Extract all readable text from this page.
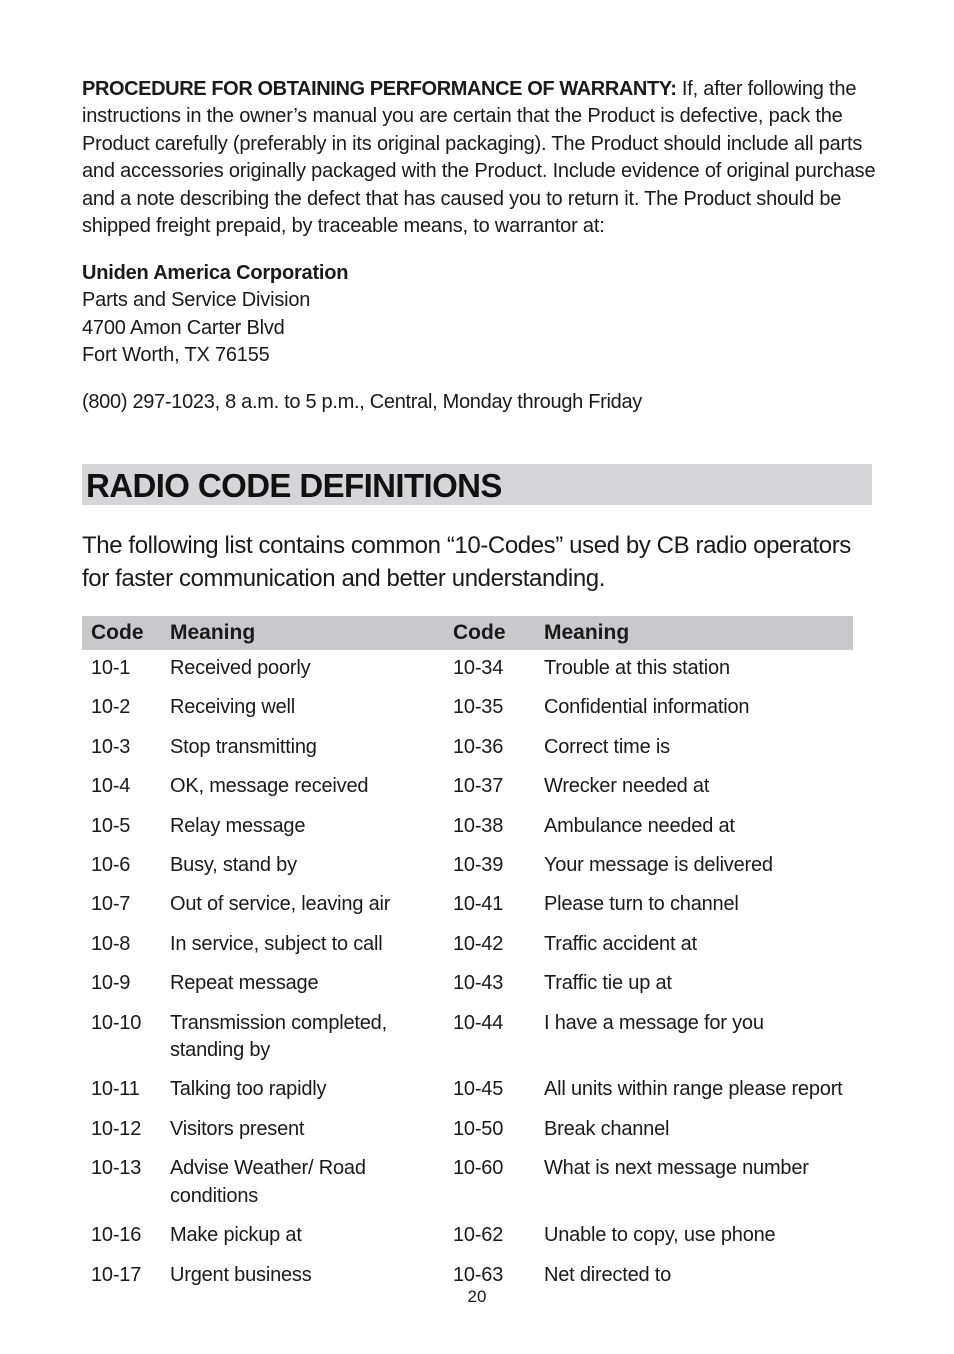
PROCEDURE FOR OBTAINING PERFORMANCE OF WARRANTY: If, after following the instructions in the owner’s manual you are certain that the Product is defective, pack the Product carefully (preferably in its original packaging). The Product should include all parts and accessories originally packaged with the Product. Include evidence of original purchase and a note describing the defect that has caused you to return it. The Product should be shipped freight prepaid, by traceable means, to warrantor at:

Uniden America Corporation
Parts and Service Division
4700 Amon Carter Blvd
Fort Worth, TX 76155
(800) 297-1023, 8 a.m. to 5 p.m., Central, Monday through Friday
RADIO CODE DEFINITIONS

The following list contains common “10-Codes” used by CB radio operators for faster communication and better understanding.

Code	Meaning	Code	Meaning
10-1	Received poorly	10-34	Trouble at this station
10-2	Receiving well	10-35	Confidential information
10-3	Stop transmitting	10-36	Correct time is
10-4	OK, message received	10-37	Wrecker needed at
10-5	Relay message	10-38	Ambulance needed at
10-6	Busy, stand by	10-39	Your message is delivered
10-7	Out of service, leaving air	10-41	Please turn to channel
10-8	In service, subject to call	10-42	Traffic accident at
10-9	Repeat message	10-43	Traffic tie up at
10-10	Transmission completed, standing by	10-44	I have a message for you
10-11	Talking too rapidly	10-45	All units within range please report
10-12	Visitors present	10-50	Break channel
10-13	Advise Weather/ Road conditions	10-60	What is next message number
10-16	Make pickup at	10-62	Unable to copy, use phone
10-17	Urgent business	10-63	Net directed to
20
